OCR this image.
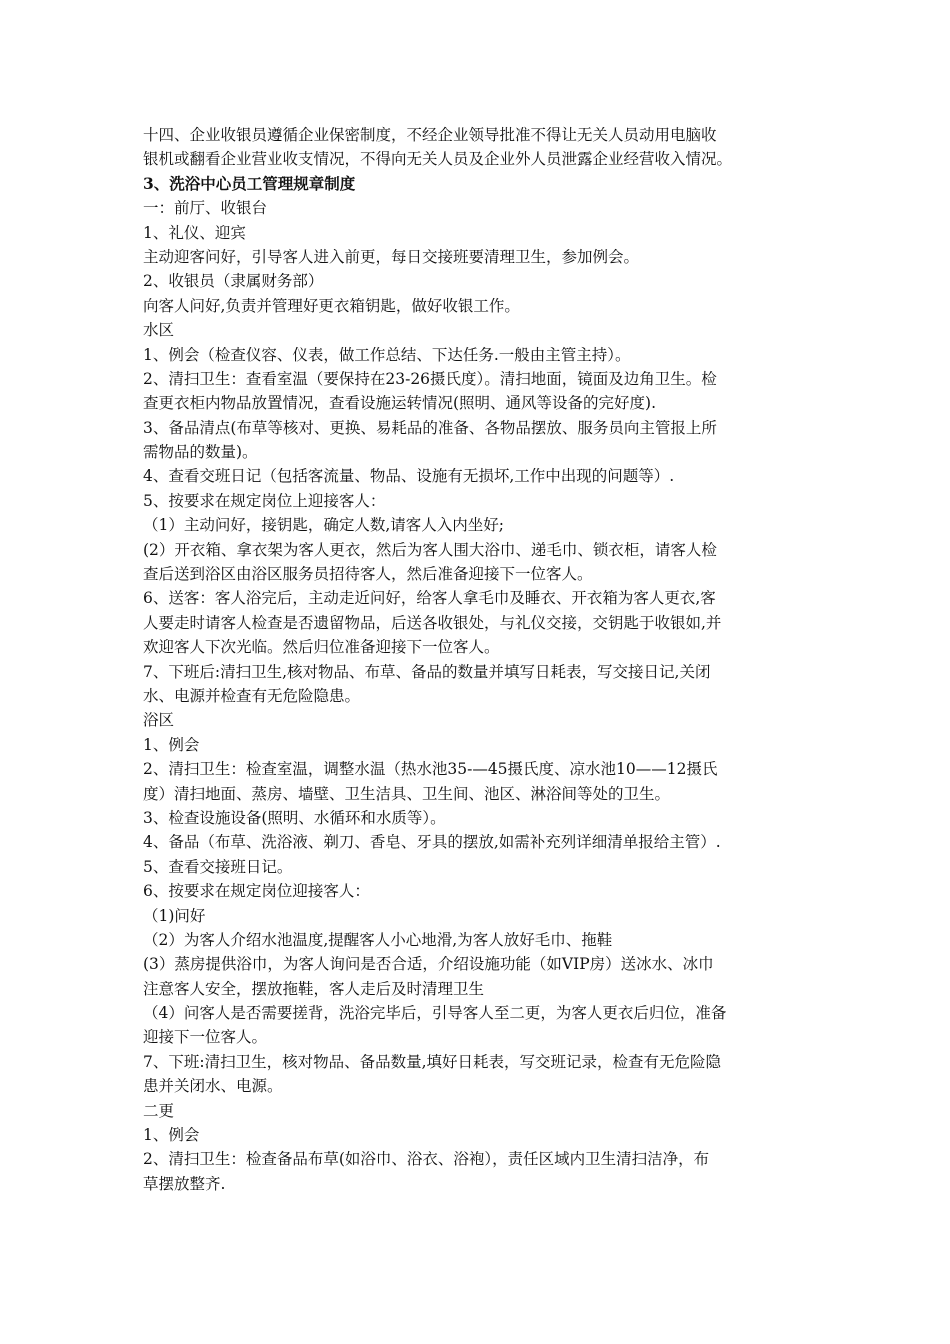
十四、企业收银员遵循企业保密制度，不经企业领导批准不得让无关人员动用电脑收
银机或翻看企业营业收支情况，不得向无关人员及企业外人员泄露企业经营收入情况。
3、洗浴中心员工管理规章制度
一：前厅、收银台
1、礼仪、迎宾
主动迎客问好，引导客人进入前更，每日交接班要清理卫生，参加例会。
2、收银员（隶属财务部）
向客人问好,负责并管理好更衣箱钥匙，做好收银工作。
水区
1、例会（检查仪容、仪表，做工作总结、下达任务.一般由主管主持）。
2、清扫卫生：查看室温（要保持在23-26摄氏度）。清扫地面，镜面及边角卫生。检
查更衣柜内物品放置情况，查看设施运转情况(照明、通风等设备的完好度).
3、备品清点(布草等核对、更换、易耗品的准备、各物品摆放、服务员向主管报上所
需物品的数量)。
4、查看交班日记（包括客流量、物品、设施有无损坏,工作中出现的问题等）.
5、按要求在规定岗位上迎接客人：
（1）主动问好，接钥匙，确定人数,请客人入内坐好;
(2）开衣箱、拿衣架为客人更衣，然后为客人围大浴巾、递毛巾、锁衣柜，请客人检
查后送到浴区由浴区服务员招待客人，然后准备迎接下一位客人。
6、送客：客人浴完后，主动走近问好，给客人拿毛巾及睡衣、开衣箱为客人更衣,客
人要走时请客人检查是否遗留物品，后送各收银处，与礼仪交接，交钥匙于收银如,并
欢迎客人下次光临。然后归位准备迎接下一位客人。
7、下班后:清扫卫生,核对物品、布草、备品的数量并填写日耗表，写交接日记,关闭
水、电源并检查有无危险隐患。
浴区
1、例会
2、清扫卫生：检查室温，调整水温（热水池35-—45摄氏度、凉水池10——12摄氏
度）清扫地面、蒸房、墙壁、卫生洁具、卫生间、池区、淋浴间等处的卫生。
3、检查设施设备(照明、水循环和水质等）。
4、备品（布草、洗浴液、剃刀、香皂、牙具的摆放,如需补充列详细清单报给主管）.
5、查看交接班日记。
6、按要求在规定岗位迎接客人：
（1)问好
（2）为客人介绍水池温度,提醒客人小心地滑,为客人放好毛巾、拖鞋
(3）蒸房提供浴巾，为客人询问是否合适，介绍设施功能（如VIP房）送冰水、冰巾
注意客人安全，摆放拖鞋，客人走后及时清理卫生
（4）问客人是否需要搓背，洗浴完毕后，引导客人至二更，为客人更衣后归位，准备
迎接下一位客人。
7、下班:清扫卫生，核对物品、备品数量,填好日耗表，写交班记录，检查有无危险隐
患并关闭水、电源。
二更
1、例会
2、清扫卫生：检查备品布草(如浴巾、浴衣、浴袍），责任区域内卫生清扫洁净，布
草摆放整齐.
